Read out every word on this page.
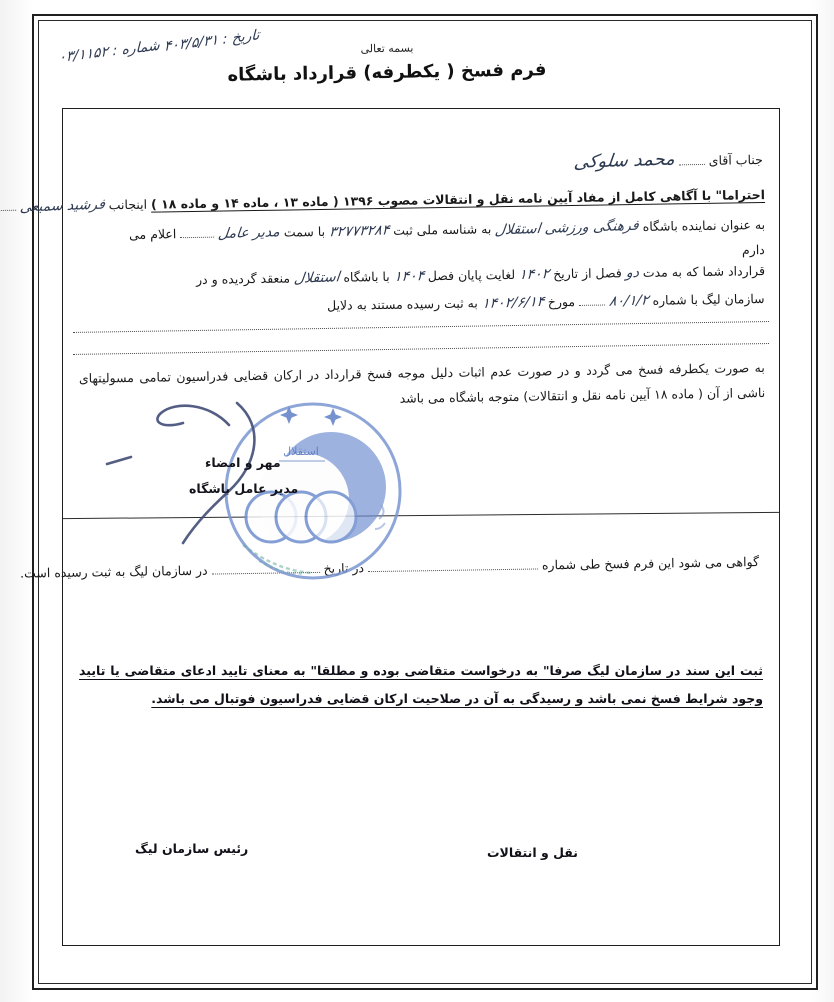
تاریخ : ۴۰۳/۵/۳۱ شماره : ۰۳/۱۱۵۲	بسمه تعالی
فرم فسخ ( یکطرفه) قرارداد باشگاه
جناب آقای  محمد سلوکی
احتراما" با آگاهی کامل از مفاد آیین نامه نقل و انتقالات مصوب ۱۳۹۶ ( ماده ۱۳ ، ماده ۱۴ و ماده ۱۸ ) اینجانب فرشید سمیعی
به عنوان نماینده باشگاه فرهنگی ورزشی استقلال به شناسه ملی ثبت ۳۲۷۷۳۲۸۴ با سمت مدیر عامل  اعلام می
دارم
قرارداد شما که به مدت دو فصل از تاریخ ۱۴۰۲ لغایت پایان فصل ۱۴۰۴ با باشگاه استقلال منعقد گردیده و در
سازمان لیگ با شماره ۸۰/۱/۲  مورخ ۱۴۰۲/۶/۱۴ به ثبت رسیده مستند به دلایل
به صورت یکطرفه فسخ می گردد و در صورت عدم اثبات دلیل موجه فسخ قرارداد در ارکان قضایی فدراسیون تمامی مسولیتهای ناشی از آن ( ماده ۱۸ آیین نامه نقل و انتقالات) متوجه باشگاه می باشد
استقلال
مهر و امضاء
مدیر عامل باشگاه
گواهی می شود این فرم فسخ طی شماره  در تاریخ  در سازمان لیگ به ثبت رسیده است.
ثبت این سند در سازمان لیگ صرفا" به درخواست متقاضی بوده و مطلقا" به معنای تایید ادعای متقاضی یا تایید وجود شرایط فسخ نمی باشد و رسیدگی به آن در صلاحیت ارکان قضایی فدراسیون فوتبال می باشد.
نقل و انتقالات
رئیس سازمان لیگ
